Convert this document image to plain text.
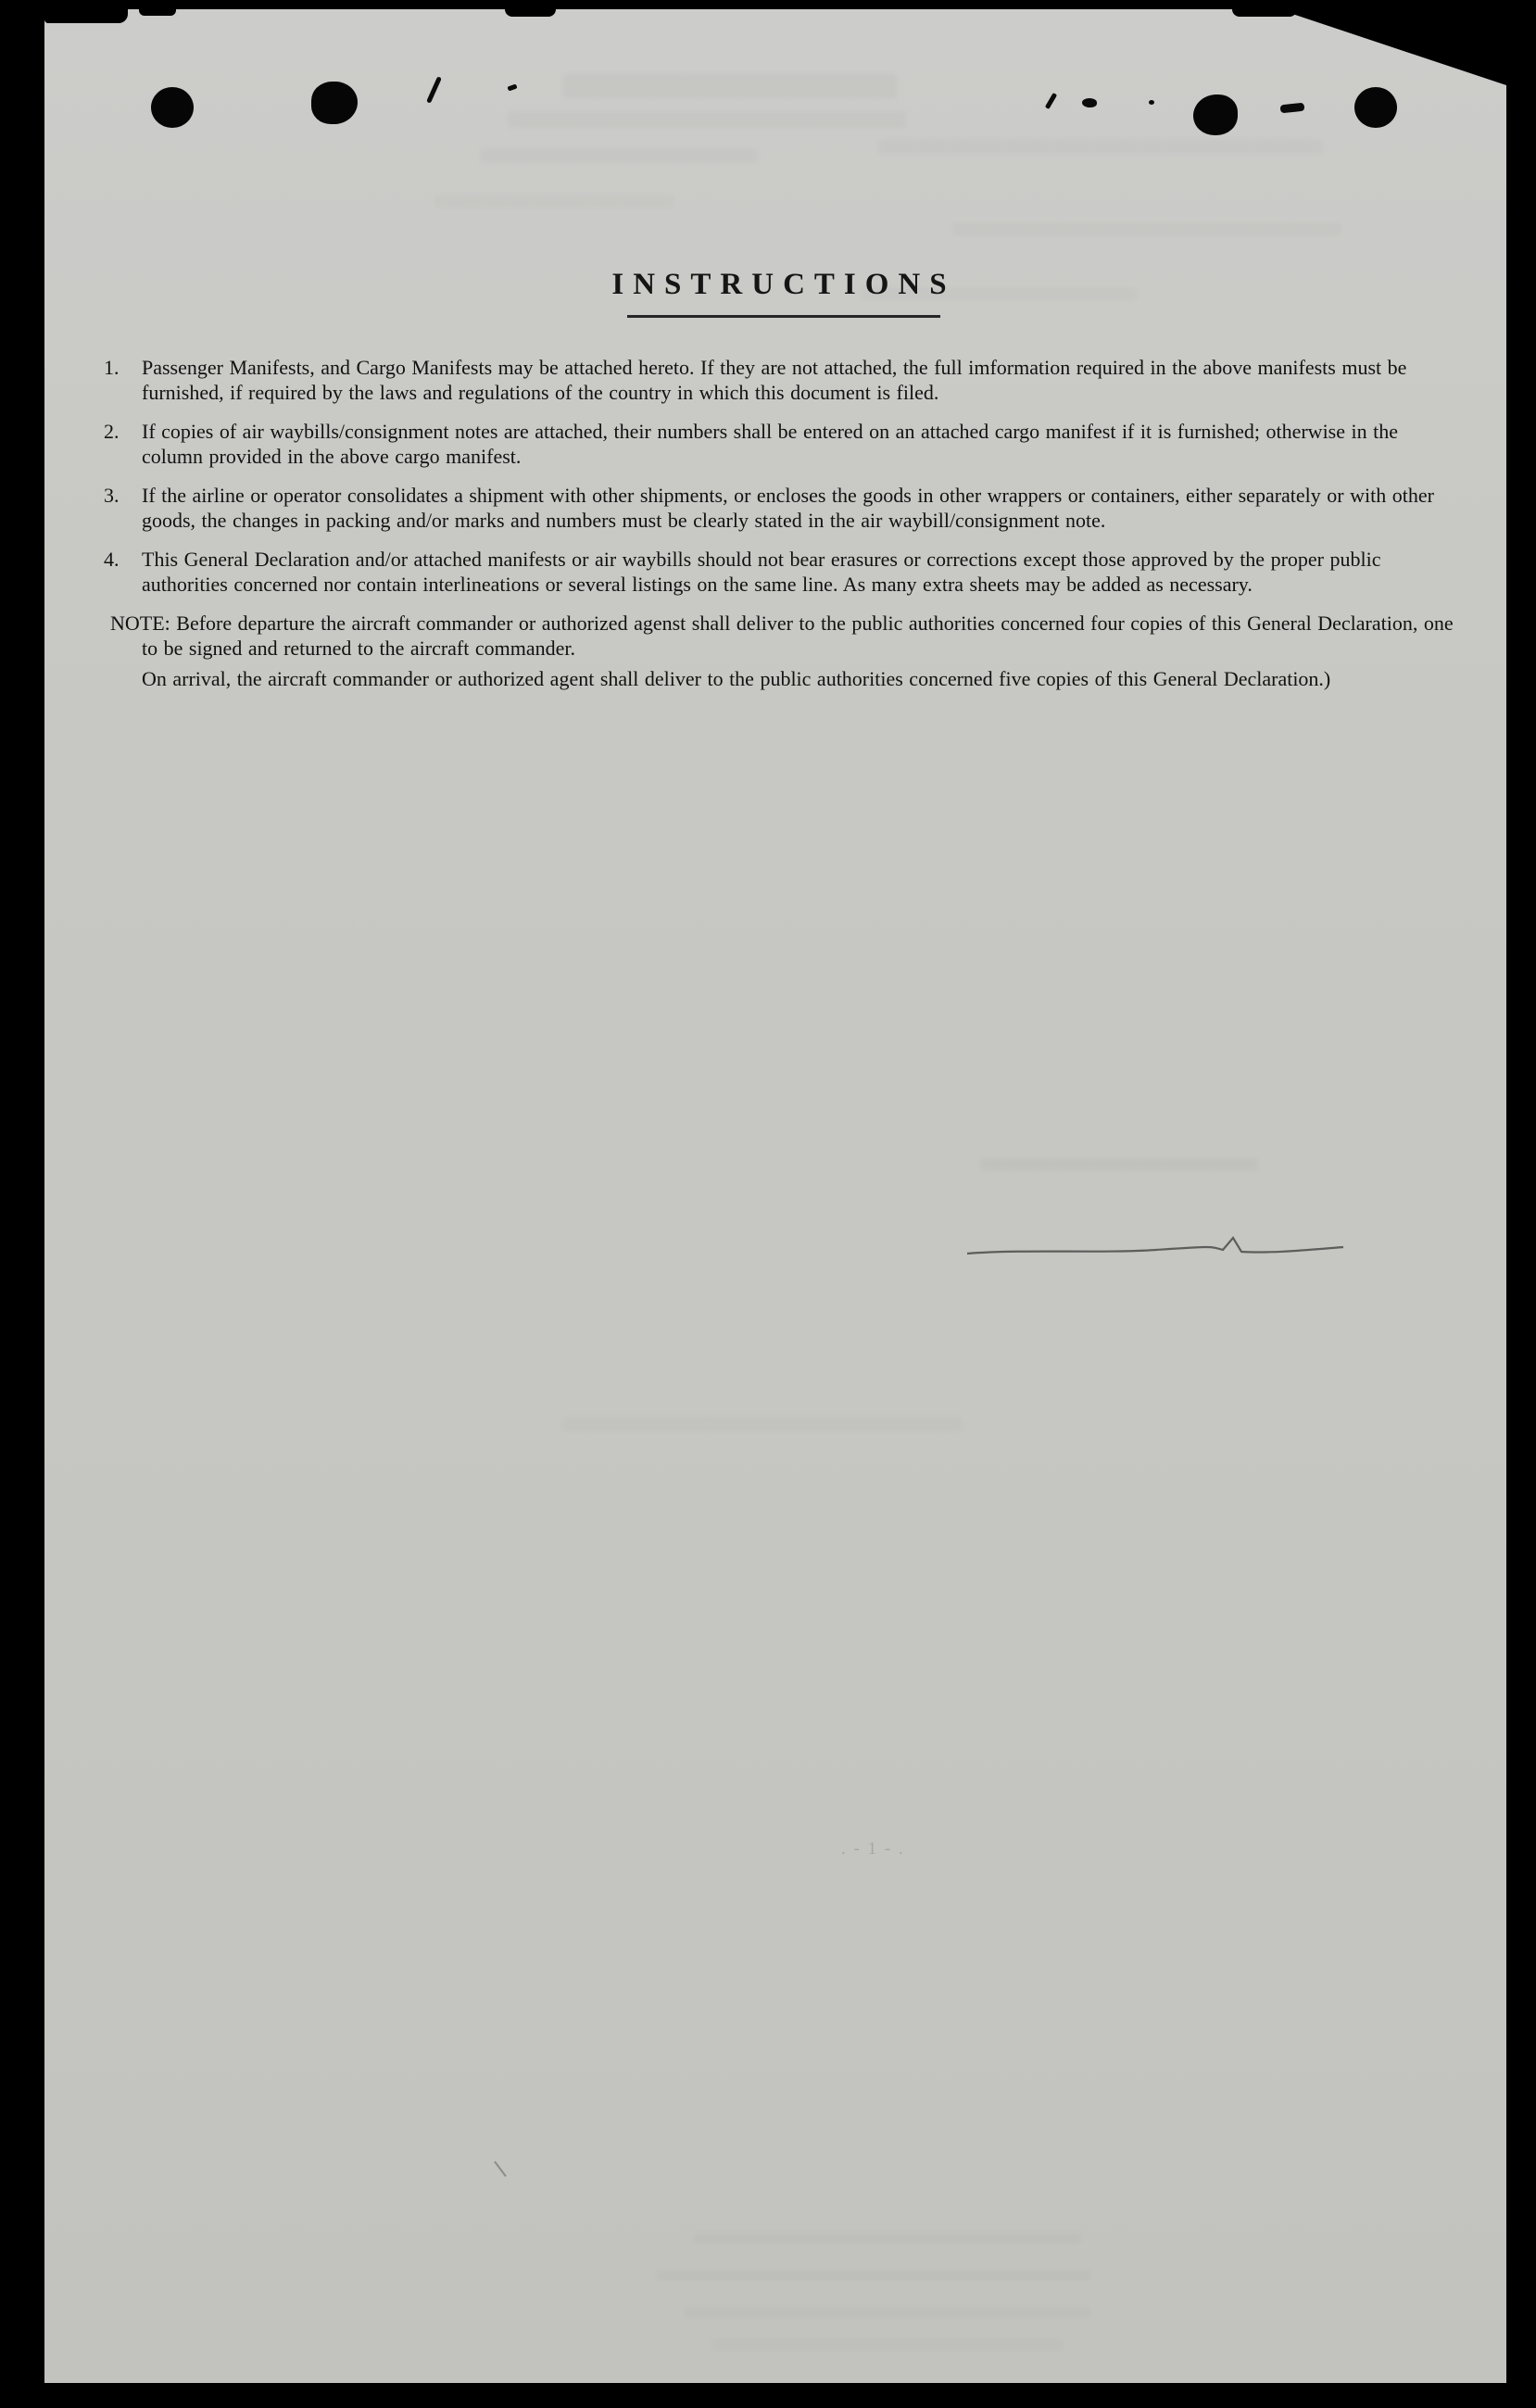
. - 1 - .
INSTRUCTIONS
1.	Passenger Manifests, and Cargo Manifests may be attached hereto. If they are not attached, the full imformation required in the above manifests must be furnished, if required by the laws and regulations of the country in which this document is filed.
2.	If copies of air waybills/consignment notes are attached, their numbers shall be entered on an attached cargo manifest if it is furnished; otherwise in the column provided in the above cargo manifest.
3.	If the airline or operator consolidates a shipment with other shipments, or encloses the goods in other wrappers or containers, either separately or with other goods, the changes in packing and/or marks and numbers must be clearly stated in the air waybill/consignment note.
4.	This General Declaration and/or attached manifests or air waybills should not bear erasures or corrections except those approved by the proper public authorities concerned nor contain interlineations or several listings on the same line. As many extra sheets may be added as necessary.

NOTE: Before departure the aircraft commander or authorized agenst shall deliver to the public authorities concerned four copies of this General Declaration, one to be signed and returned to the aircraft commander.

On arrival, the aircraft commander or authorized agent shall deliver to the public authorities concerned five copies of this General Declaration.)
